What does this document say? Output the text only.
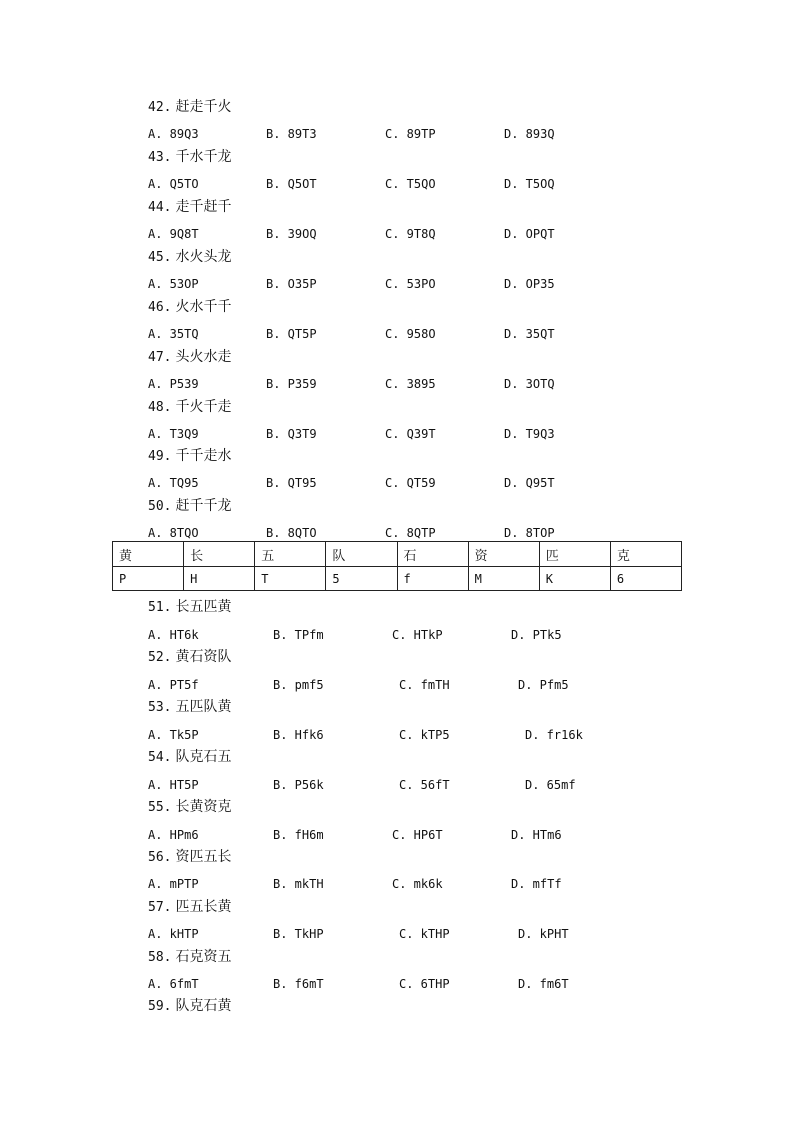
42. 赶走千火
A. 89Q3	B. 89T3	C. 89TP	D. 893Q
43. 千水千龙
A. Q5TO	B. Q5OT	C. T5QO	D. T5OQ
44. 走千赶千
A. 9Q8T	B. 39OQ	C. 9T8Q	D. OPQT
45. 水火头龙
A. 53OP	B. O35P	C. 53PO	D. OP35
46. 火水千千
A. 35TQ	B. QT5P	C. 958O	D. 35QT
47. 头火水走
A. P539	B. P359	C. 3895	D. 3OTQ
48. 千火千走
A. T3Q9	B. Q3T9	C. Q39T	D. T9Q3
49. 千千走水
A. TQ95	B. QT95	C. QT59	D. Q95T
50. 赶千千龙
A. 8TQO	B. 8QTO	C. 8QTP	D. 8TOP
黄	长	五	队	石	资	匹	克
P	H	T	5	f	M	K	6
51. 长五匹黄
A. HT6k	B. TPfm	C. HTkP	D. PTk5
52. 黄石资队
A. PT5f	B. pmf5	C. fmTH	D. Pfm5
53. 五匹队黄
A. Tk5P	B. Hfk6	C. kTP5	D. fr16k
54. 队克石五
A. HT5P	B. P56k	C. 56fT	D. 65mf
55. 长黄资克
A. HPm6	B. fH6m	C. HP6T	D. HTm6
56. 资匹五长
A. mPTP	B. mkTH	C. mk6k	D. mfTf
57. 匹五长黄
A. kHTP	B. TkHP	C. kTHP	D. kPHT
58. 石克资五
A. 6fmT	B. f6mT	C. 6THP	D. fm6T
59. 队克石黄
